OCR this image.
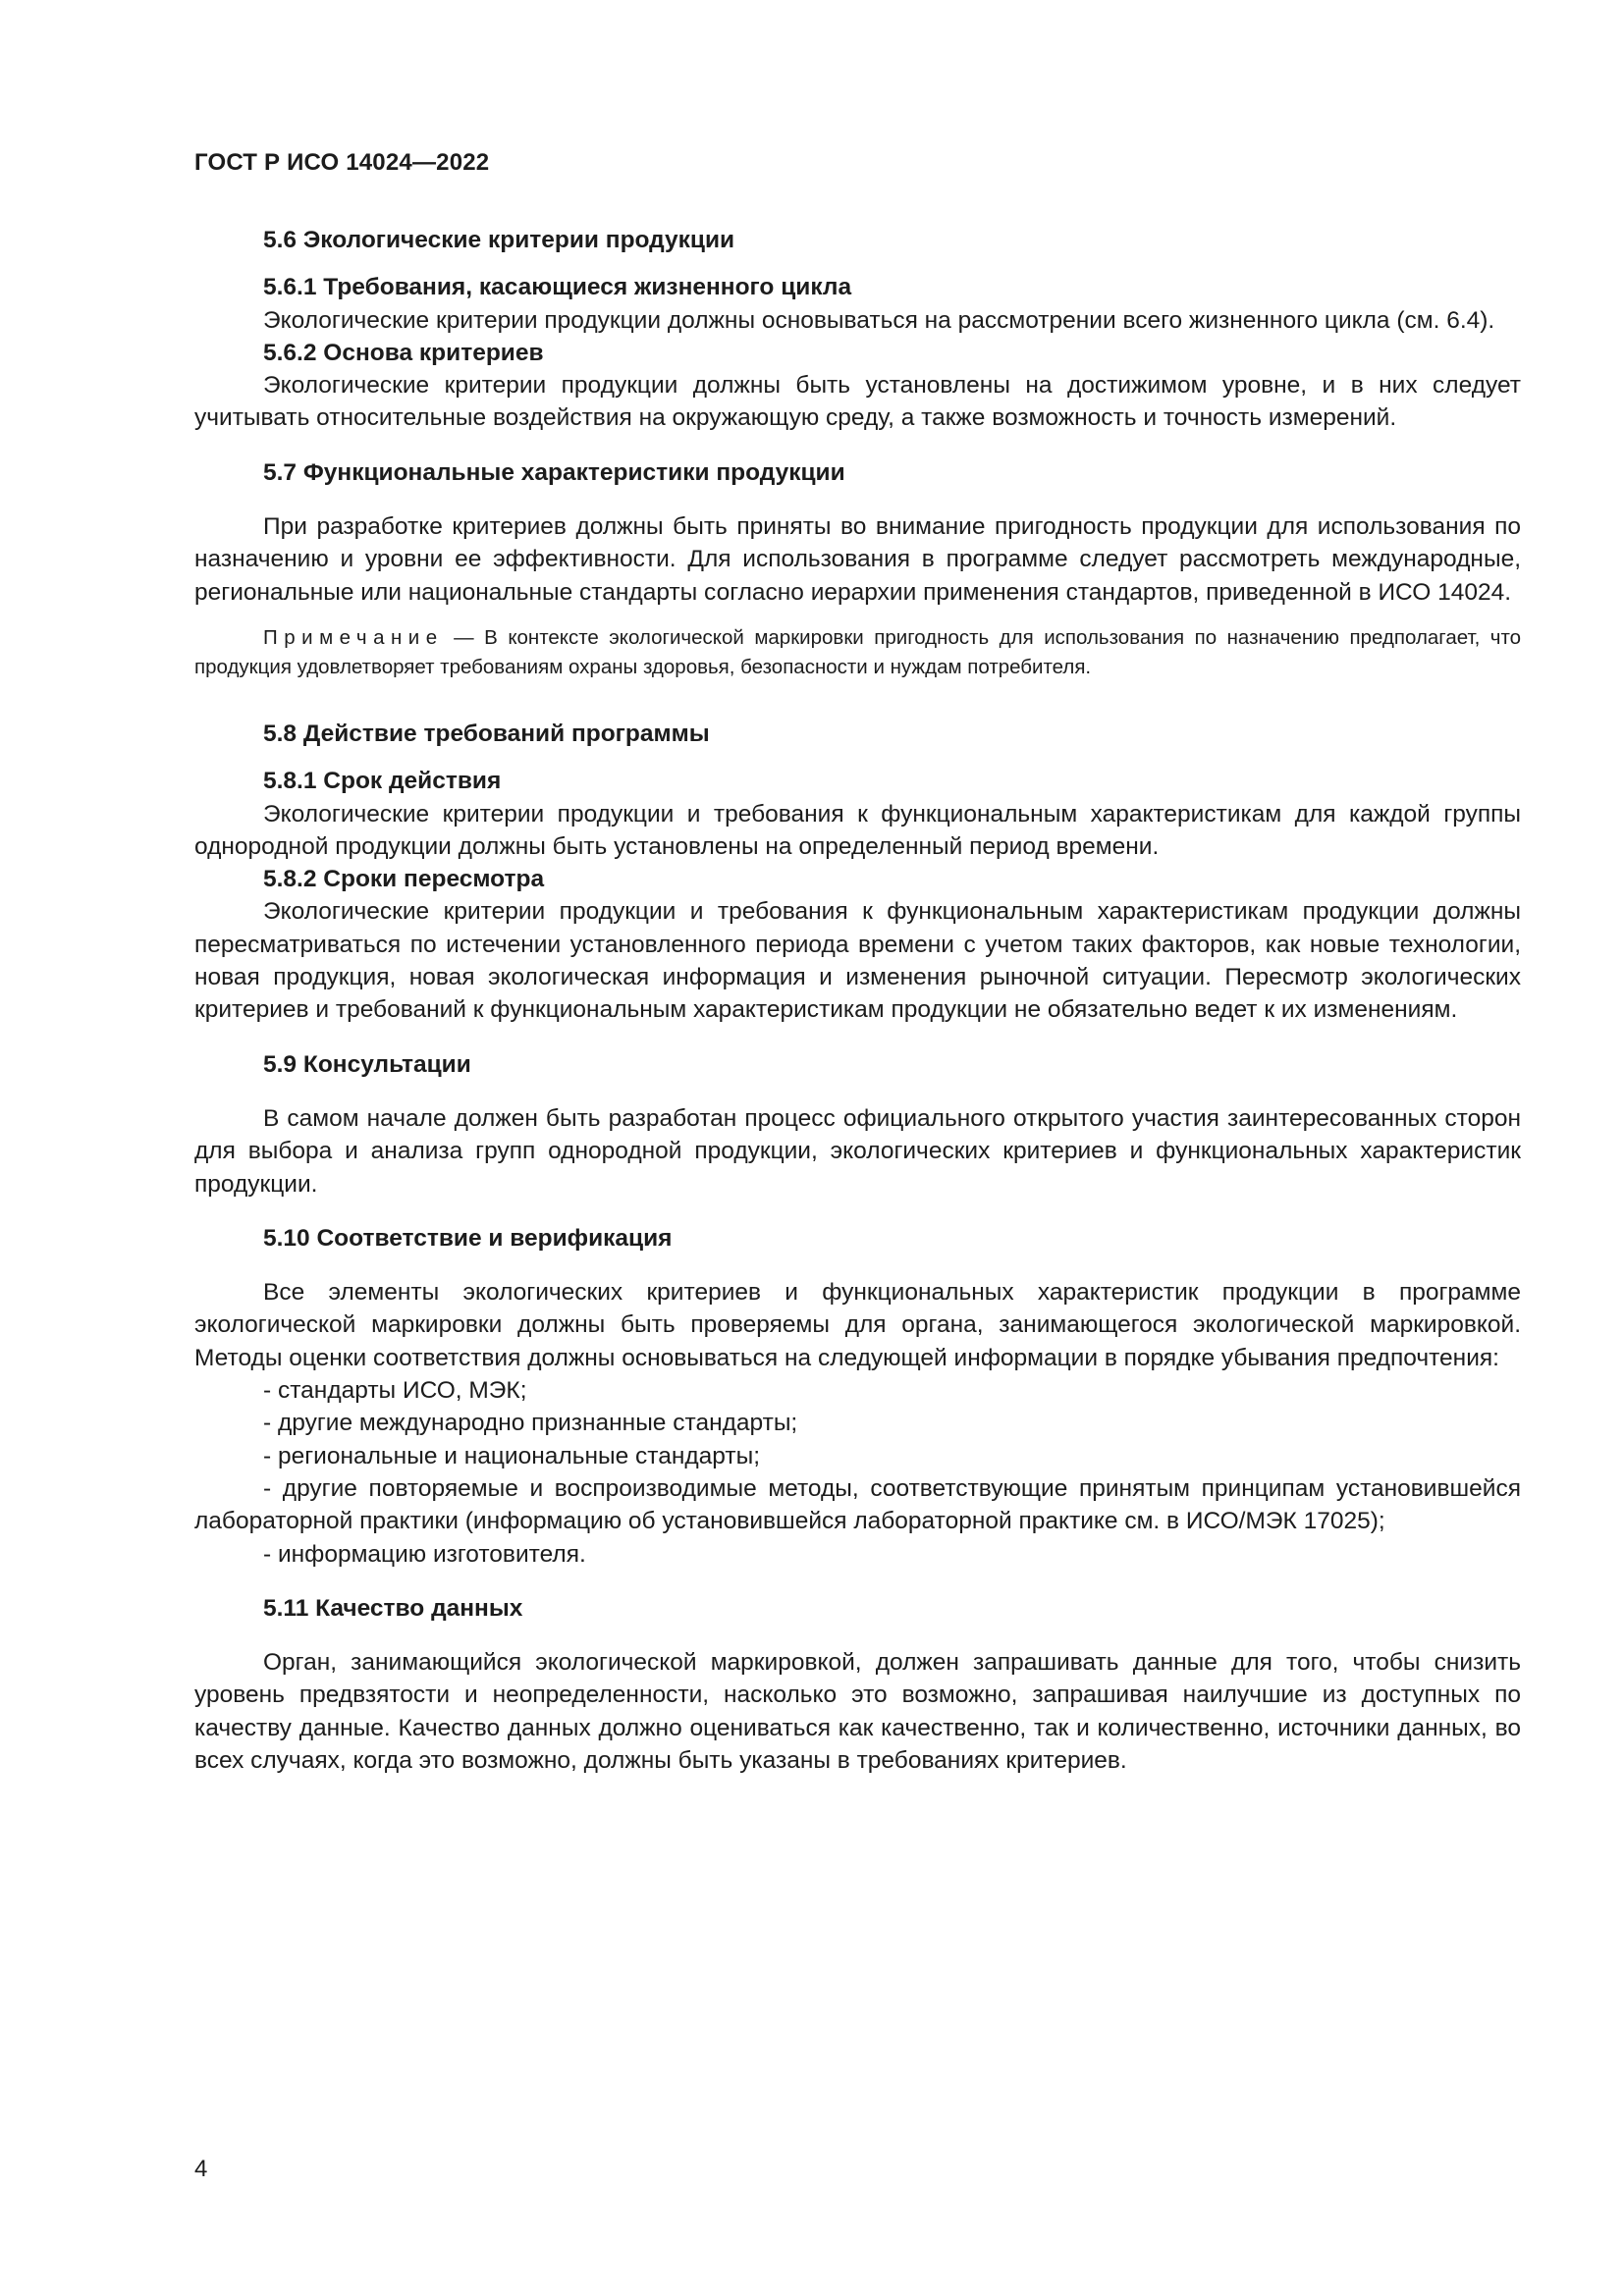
ГОСТ Р ИСО 14024—2022

5.6 Экологические критерии продукции

5.6.1 Требования, касающиеся жизненного цикла

Экологические критерии продукции должны основываться на рассмотрении всего жизненного цикла (см. 6.4).

5.6.2 Основа критериев

Экологические критерии продукции должны быть установлены на достижимом уровне, и в них следует учитывать относительные воздействия на окружающую среду, а также возможность и точность измерений.

5.7 Функциональные характеристики продукции

При разработке критериев должны быть приняты во внимание пригодность продукции для использования по назначению и уровни ее эффективности. Для использования в программе следует рассмотреть международные, региональные или национальные стандарты согласно иерархии применения стандартов, приведенной в ИСО 14024.

Примечание — В контексте экологической маркировки пригодность для использования по назначению предполагает, что продукция удовлетворяет требованиям охраны здоровья, безопасности и нуждам потребителя.

5.8 Действие требований программы

5.8.1 Срок действия

Экологические критерии продукции и требования к функциональным характеристикам для каждой группы однородной продукции должны быть установлены на определенный период времени.

5.8.2 Сроки пересмотра

Экологические критерии продукции и требования к функциональным характеристикам продукции должны пересматриваться по истечении установленного периода времени с учетом таких факторов, как новые технологии, новая продукция, новая экологическая информация и изменения рыночной ситуации. Пересмотр экологических критериев и требований к функциональным характеристикам продукции не обязательно ведет к их изменениям.

5.9 Консультации

В самом начале должен быть разработан процесс официального открытого участия заинтересованных сторон для выбора и анализа групп однородной продукции, экологических критериев и функциональных характеристик продукции.

5.10 Соответствие и верификация

Все элементы экологических критериев и функциональных характеристик продукции в программе экологической маркировки должны быть проверяемы для органа, занимающегося экологической маркировкой. Методы оценки соответствия должны основываться на следующей информации в порядке убывания предпочтения:

- стандарты ИСО, МЭК;

- другие международно признанные стандарты;

- региональные и национальные стандарты;

- другие повторяемые и воспроизводимые методы, соответствующие принятым принципам установившейся лабораторной практики (информацию об установившейся лабораторной практике см. в ИСО/МЭК 17025);

- информацию изготовителя.

5.11 Качество данных

Орган, занимающийся экологической маркировкой, должен запрашивать данные для того, чтобы снизить уровень предвзятости и неопределенности, насколько это возможно, запрашивая наилучшие из доступных по качеству данные. Качество данных должно оцениваться как качественно, так и количественно, источники данных, во всех случаях, когда это возможно, должны быть указаны в требованиях критериев.

4
